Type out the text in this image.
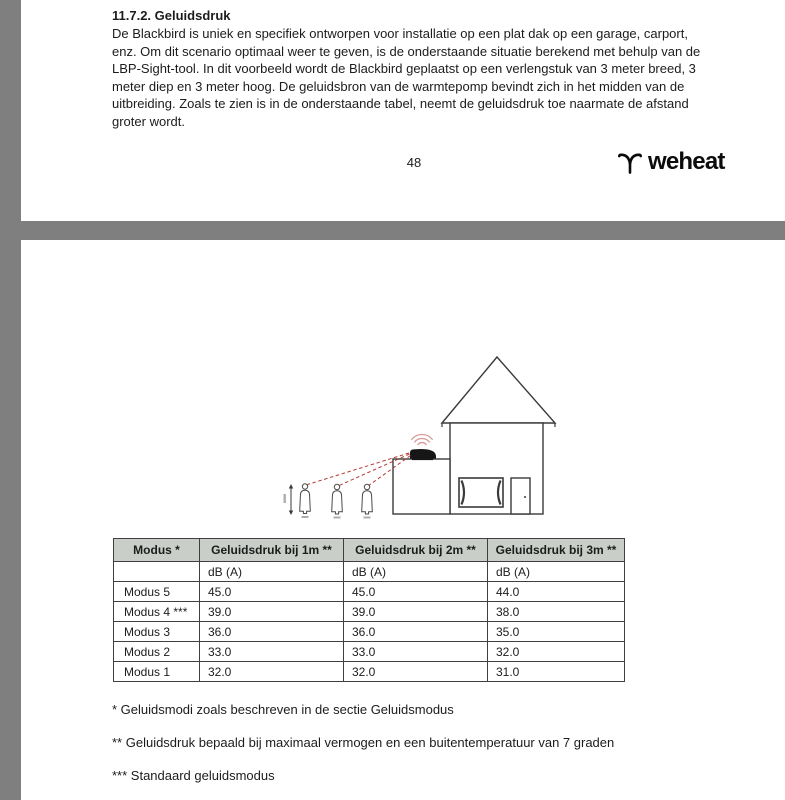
11.7.2. Geluidsdruk
De Blackbird is uniek en specifiek ontworpen voor installatie op een plat dak op een garage, carport,
enz. Om dit scenario optimaal weer te geven, is de onderstaande situatie berekend met behulp van de
LBP-Sight-tool. In dit voorbeeld wordt de Blackbird geplaatst op een verlengstuk van 3 meter breed, 3
meter diep en 3 meter hoog. De geluidsbron van de warmtepomp bevindt zich in het midden van de
uitbreiding. Zoals te zien is in de onderstaande tabel, neemt de geluidsdruk toe naarmate de afstand
groter wordt.
48	weheat
Modus *	Geluidsdruk bij 1m **	Geluidsdruk bij 2m **	Geluidsdruk bij 3m **
	dB (A)	dB (A)	dB (A)
Modus 5	45.0	45.0	44.0
Modus 4 ***	39.0	39.0	38.0
Modus 3	36.0	36.0	35.0
Modus 2	33.0	33.0	32.0
Modus 1	32.0	32.0	31.0
* Geluidsmodi zoals beschreven in de sectie Geluidsmodus
** Geluidsdruk bepaald bij maximaal vermogen en een buitentemperatuur van 7 graden
*** Standaard geluidsmodus
